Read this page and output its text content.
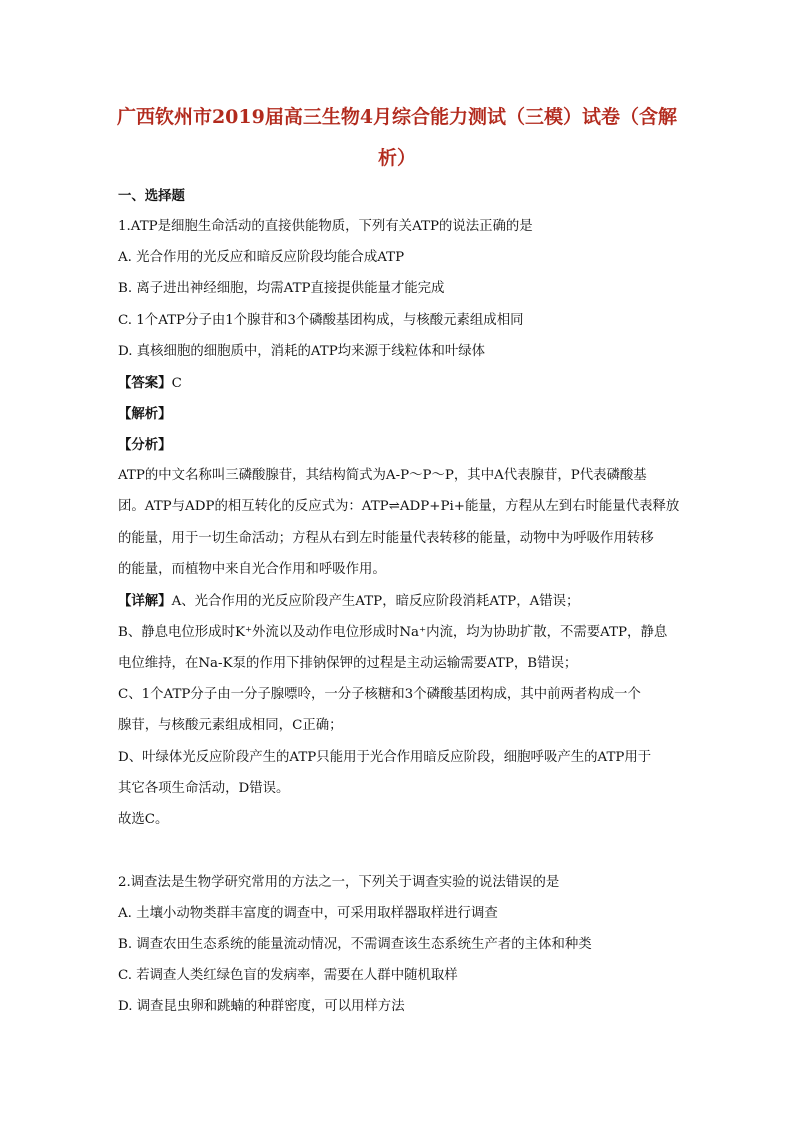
广西钦州市2019届高三生物4月综合能力测试（三模）试卷（含解
析）
一、选择题
1.ATP是细胞生命活动的直接供能物质，下列有关ATP的说法正确的是
A. 光合作用的光反应和暗反应阶段均能合成ATP
B. 离子进出神经细胞，均需ATP直接提供能量才能完成
C. 1个ATP分子由1个腺苷和3个磷酸基团构成，与核酸元素组成相同
D. 真核细胞的细胞质中，消耗的ATP均来源于线粒体和叶绿体
【答案】C
【解析】
【分析】
ATP的中文名称叫三磷酸腺苷，其结构简式为A-P～P～P，其中A代表腺苷，P代表磷酸基
团。ATP与ADP的相互转化的反应式为：ATP⇌ADP+Pi+能量，方程从左到右时能量代表释放
的能量，用于一切生命活动；方程从右到左时能量代表转移的能量，动物中为呼吸作用转移
的能量，而植物中来自光合作用和呼吸作用。
【详解】A、光合作用的光反应阶段产生ATP，暗反应阶段消耗ATP，A错误；
B、静息电位形成时K⁺外流以及动作电位形成时Na⁺内流，均为协助扩散，不需要ATP，静息
电位维持，在Na-K泵的作用下排钠保钾的过程是主动运输需要ATP，B错误；
C、1个ATP分子由一分子腺嘌呤，一分子核糖和3个磷酸基团构成，其中前两者构成一个
腺苷，与核酸元素组成相同，C正确；
D、叶绿体光反应阶段产生的ATP只能用于光合作用暗反应阶段，细胞呼吸产生的ATP用于
其它各项生命活动，D错误。
故选C。
2.调查法是生物学研究常用的方法之一，下列关于调查实验的说法错误的是
A. 土壤小动物类群丰富度的调查中，可采用取样器取样进行调查
B. 调查农田生态系统的能量流动情况，不需调查该生态系统生产者的主体和种类
C. 若调查人类红绿色盲的发病率，需要在人群中随机取样
D. 调查昆虫卵和跳蝻的种群密度，可以用样方法
